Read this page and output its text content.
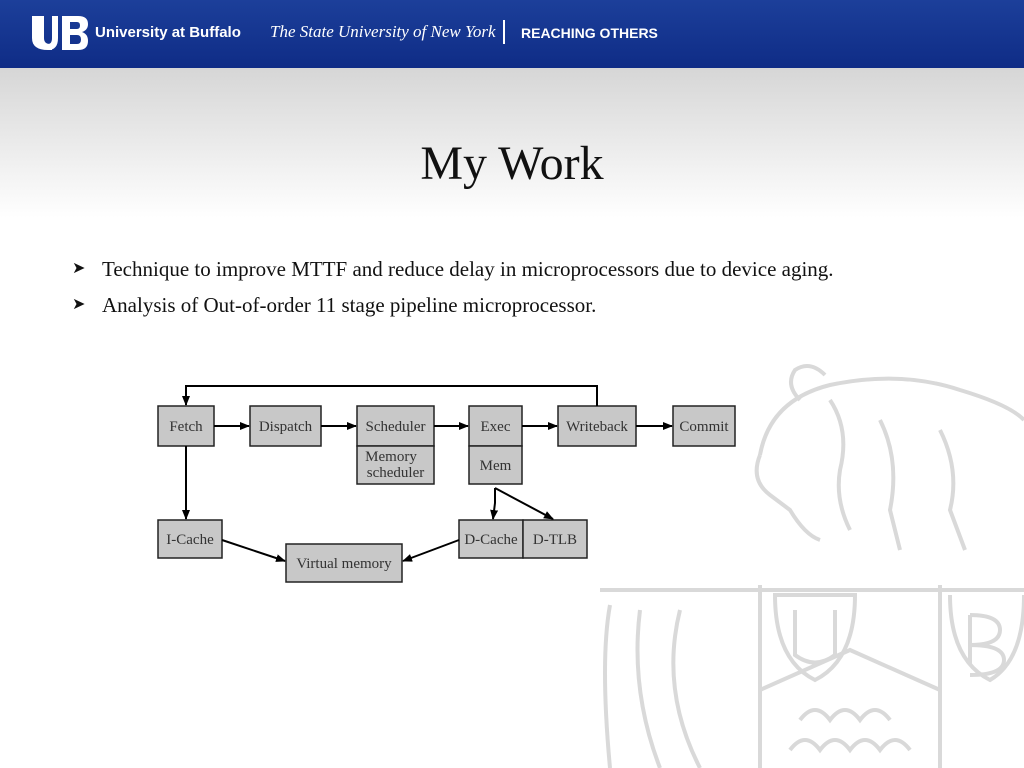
University at Buffalo The State University of New York REACHING OTHERS
My Work
➤ Technique to improve MTTF and reduce delay in microprocessors due to device aging.
➤ Analysis of Out-of-order 11 stage pipeline microprocessor.
Fetch	Dispatch	Scheduler
Memory
scheduler
Exec
Mem
Writeback	Commit
I-Cache
Virtual memory
D-Cache D-TLB
